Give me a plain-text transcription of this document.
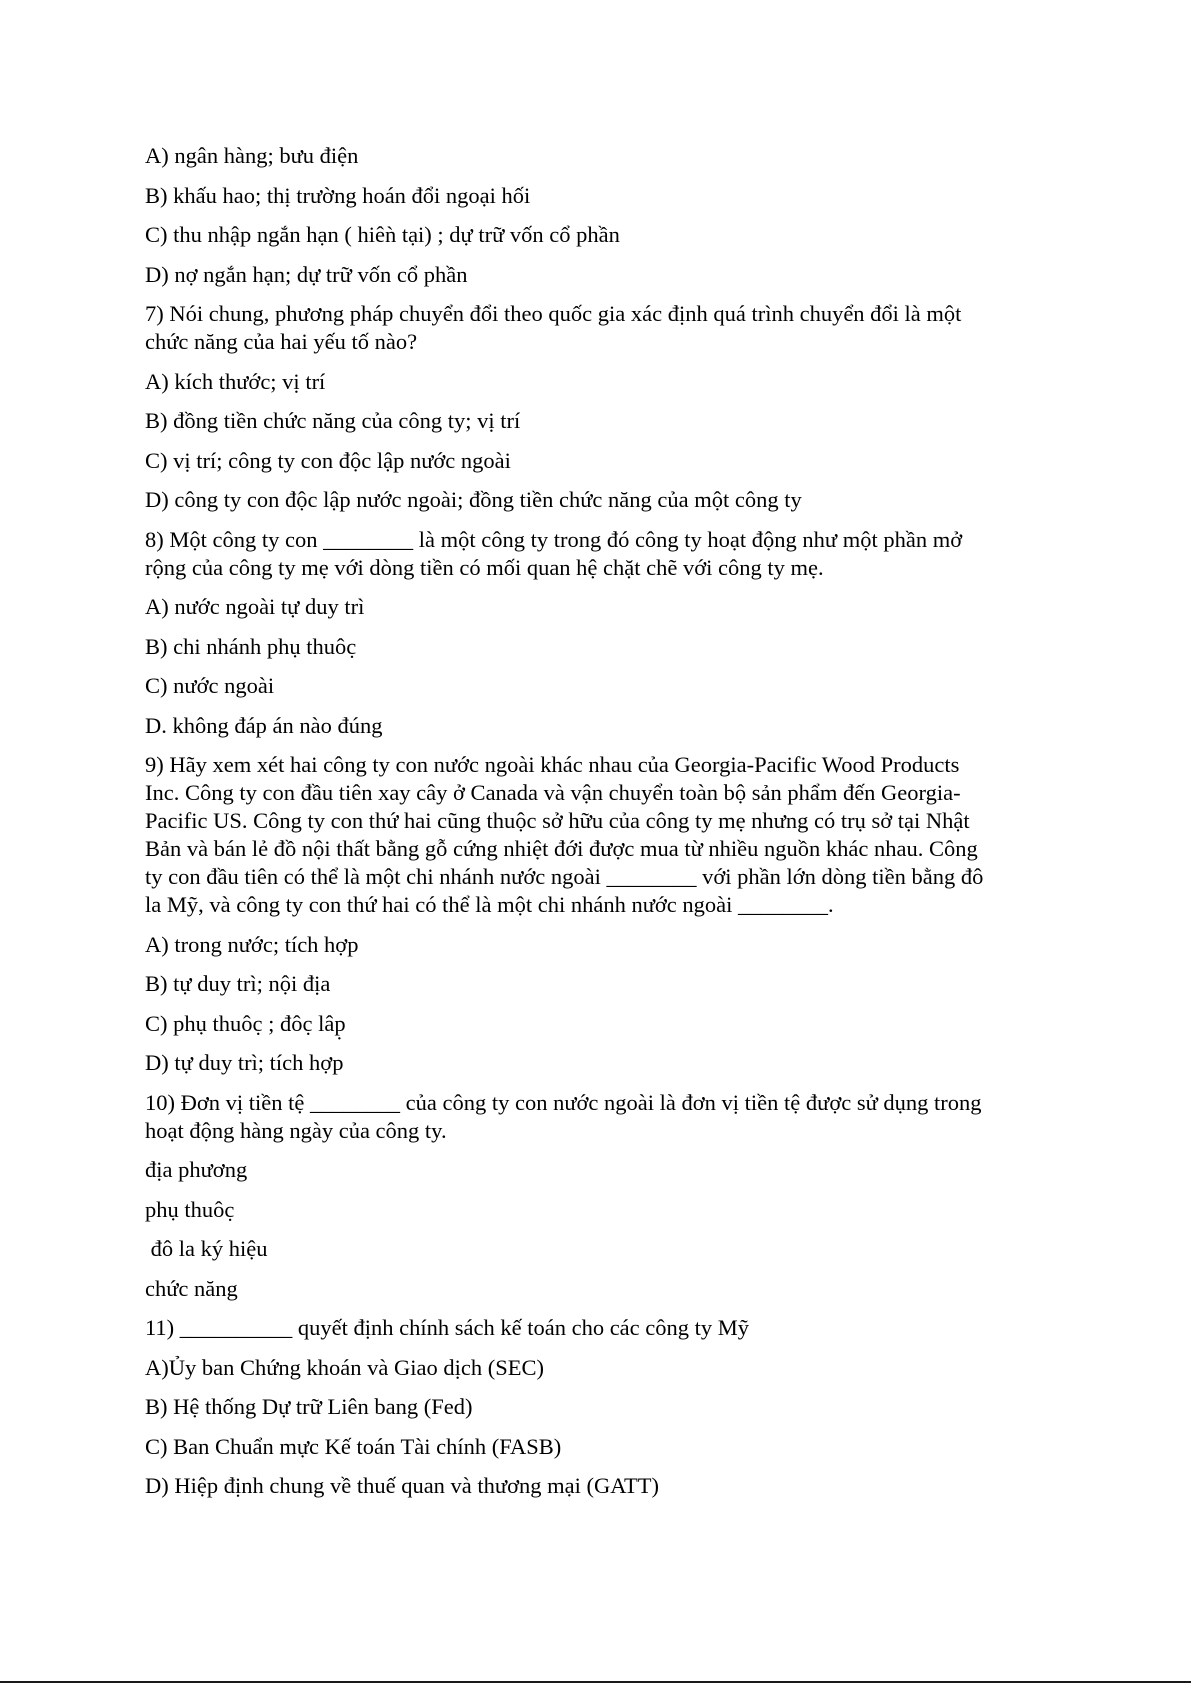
A) ngân hàng; bưu điện
B) khấu hao; thị trường hoán đổi ngoại hối
C) thu nhập ngắn hạn ( hiêǹ tại) ; dự trữ vốn cổ phần
D) nợ ngắn hạn; dự trữ vốn cổ phần
7) Nói chung, phương pháp chuyển đổi theo quốc gia xác định quá trình chuyển đổi là một
chức năng của hai yếu tố nào?
A) kích thước; vị trí
B) đồng tiền chức năng của công ty; vị trí
C) vị trí; công ty con độc lập nước ngoài
D) công ty con độc lập nước ngoài; đồng tiền chức năng của một công ty
8) Một công ty con ________ là một công ty trong đó công ty hoạt động như một phần mở
rộng của công ty mẹ với dòng tiền có mối quan hệ chặt chẽ với công ty mẹ.
A) nước ngoài tự duy trì
B) chi nhánh phụ thuôc̣
C) nước ngoài
D. không đáp án nào đúng
9) Hãy xem xét hai công ty con nước ngoài khác nhau của Georgia-Pacific Wood Products
Inc. Công ty con đầu tiên xay cây ở Canada và vận chuyển toàn bộ sản phẩm đến Georgia-
Pacific US. Công ty con thứ hai cũng thuộc sở hữu của công ty mẹ nhưng có trụ sở tại Nhật
Bản và bán lẻ đồ nội thất bằng gỗ cứng nhiệt đới được mua từ nhiều nguồn khác nhau. Công
ty con đầu tiên có thể là một chi nhánh nước ngoài ________ với phần lớn dòng tiền bằng đô
la Mỹ, và công ty con thứ hai có thể là một chi nhánh nước ngoài ________.
A) trong nước; tích hợp
B) tự duy trì; nội địa
C) phụ thuôc̣ ; đôc̣ lâp̣
D) tự duy trì; tích hợp
10) Đơn vị tiền tệ ________ của công ty con nước ngoài là đơn vị tiền tệ được sử dụng trong
hoạt động hàng ngày của công ty.
địa phương
phụ thuôc̣
đô la ký hiệu
chức năng
11) __________ quyết định chính sách kế toán cho các công ty Mỹ
A)Ủy ban Chứng khoán và Giao dịch (SEC)
B) Hệ thống Dự trữ Liên bang (Fed)
C) Ban Chuẩn mực Kế toán Tài chính (FASB)
D) Hiệp định chung về thuế quan và thương mại (GATT)
